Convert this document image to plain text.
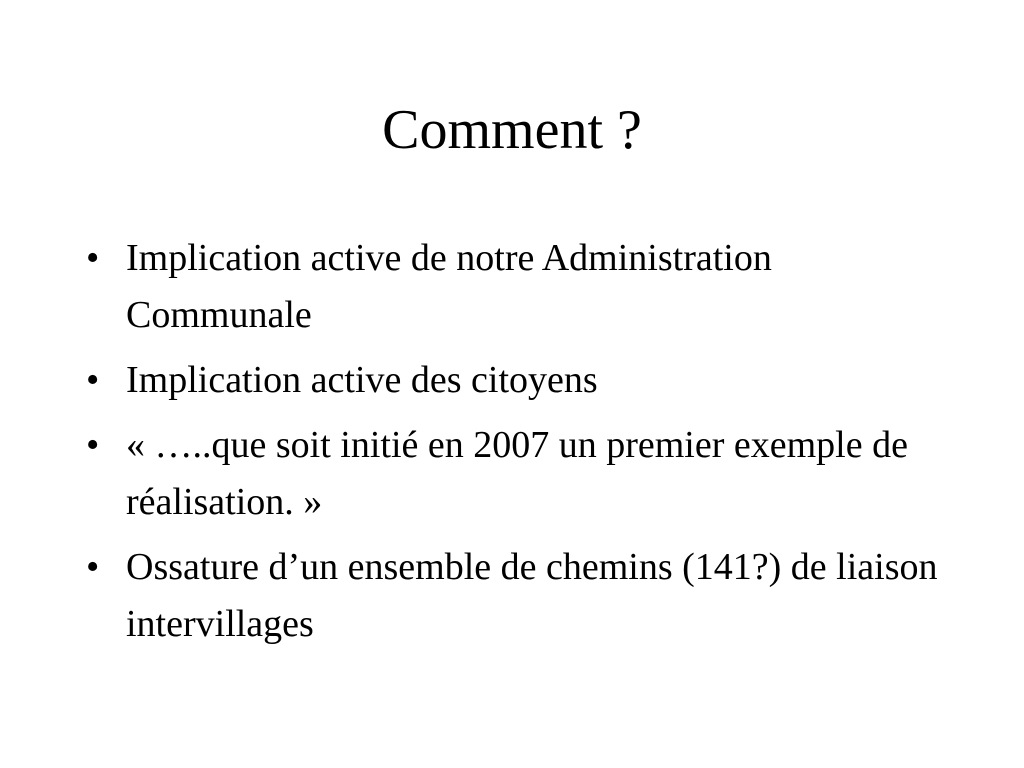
Comment ?
• Implication active de notre Administration Communale
• Implication active des citoyens
• « …..que soit initié en 2007 un premier exemple de réalisation. »
• Ossature d’un ensemble de chemins (141?) de liaison intervillages
